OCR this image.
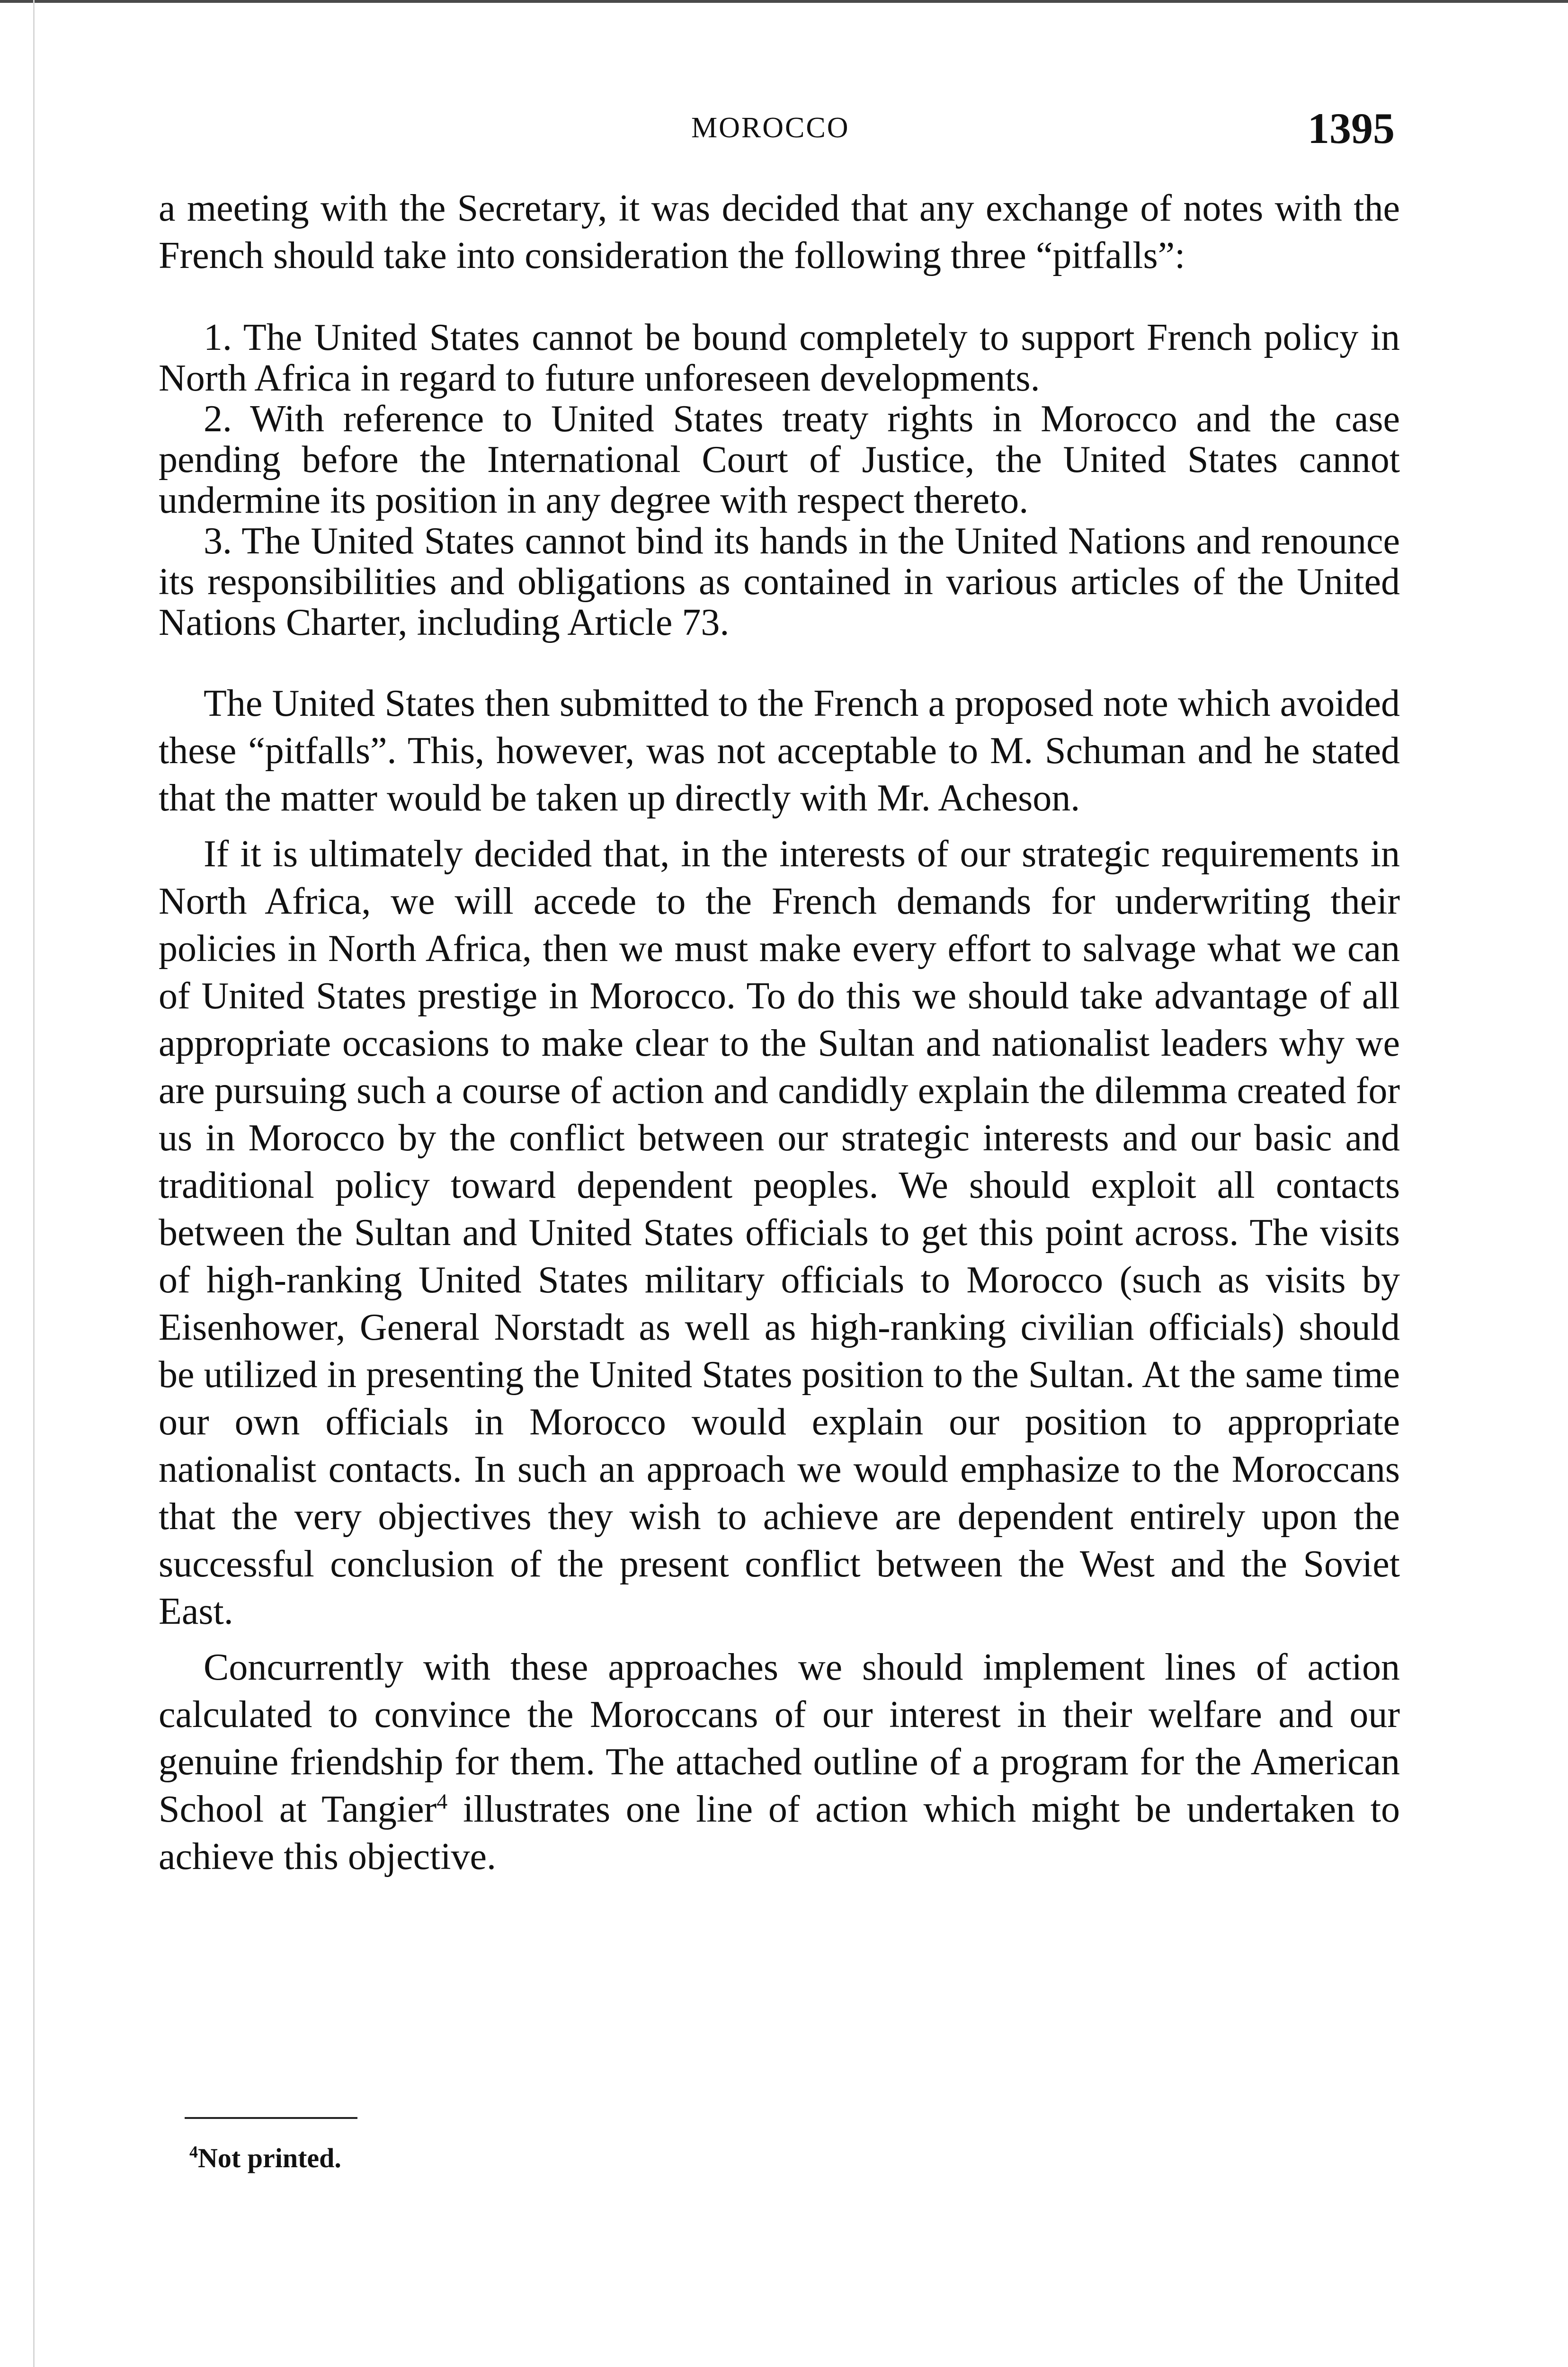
MOROCCO	1395

a meeting with the Secretary, it was decided that any exchange of notes with the French should take into consideration the following three “pitfalls”:

1. The United States cannot be bound completely to support French policy in North Africa in regard to future unforeseen developments.

2. With reference to United States treaty rights in Morocco and the case pending before the International Court of Justice, the United States cannot undermine its position in any degree with respect thereto.

3. The United States cannot bind its hands in the United Nations and renounce its responsibilities and obligations as contained in various articles of the United Nations Charter, including Article 73.

The United States then submitted to the French a proposed note which avoided these “pitfalls”. This, however, was not acceptable to M. Schuman and he stated that the matter would be taken up directly with Mr. Acheson.

If it is ultimately decided that, in the interests of our strategic requirements in North Africa, we will accede to the French demands for underwriting their policies in North Africa, then we must make every effort to salvage what we can of United States prestige in Morocco. To do this we should take advantage of all appropriate occasions to make clear to the Sultan and nationalist leaders why we are pursuing such a course of action and candidly explain the dilemma created for us in Morocco by the conflict between our strategic interests and our basic and traditional policy toward dependent peoples. We should exploit all contacts between the Sultan and United States officials to get this point across. The visits of high-ranking United States military officials to Morocco (such as visits by Eisenhower, General Norstadt as well as high-ranking civilian officials) should be utilized in presenting the United States position to the Sultan. At the same time our own officials in Morocco would explain our position to appropriate nationalist contacts. In such an approach we would emphasize to the Moroccans that the very objectives they wish to achieve are dependent entirely upon the successful conclusion of the present conflict between the West and the Soviet East.

Concurrently with these approaches we should implement lines of action calculated to convince the Moroccans of our interest in their welfare and our genuine friendship for them. The attached outline of a program for the American School at Tangier$^4$ illustrates one line of action which might be undertaken to achieve this objective.

$^4$Not printed.
